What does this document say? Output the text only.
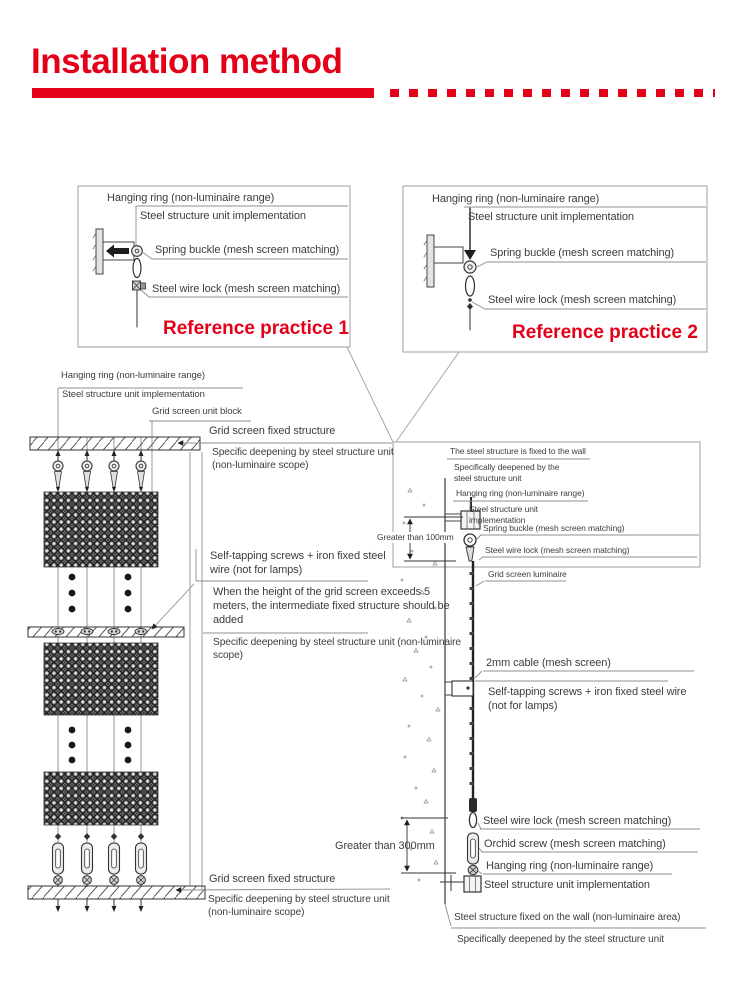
Installation method
Hanging ring (non-luminaire range)
Steel structure unit implementation
Spring buckle (mesh screen matching)
Steel wire lock (mesh screen matching)
Reference practice 1
Hanging ring (non-luminaire range)
Steel structure unit implementation
Spring buckle (mesh screen matching)
Steel wire lock (mesh screen matching)
Reference practice 2
Hanging ring (non-luminaire range)
Steel structure unit implementation
Grid screen unit block
Grid screen fixed structure
Specific deepening by steel structure unit (non-luminaire scope)
Self-tapping screws + iron fixed steel wire (not for lamps)
When the height of the grid screen exceeds 5 meters, the intermediate fixed structure should be added
Specific deepening by steel structure unit (non-luminaire scope)
Grid screen fixed structure
Specific deepening by steel structure unit (non-luminaire scope)
The steel structure is fixed to the wall
Specifically deepened by the steel structure unit
Hanging ring (non-luminaire range)
Steel structure unit implementation
Spring buckle (mesh screen matching)
Steel wire lock (mesh screen matching)
Greater than 100mm
Grid screen luminaire
2mm cable (mesh screen)
Self-tapping screws + iron fixed steel wire (not for lamps)
Steel wire lock (mesh screen matching)
Greater than 300mm	Orchid screw (mesh screen matching)
Hanging ring (non-luminaire range)
Steel structure unit implementation
Steel structure fixed on the wall (non-luminaire area)
Specifically deepened by the steel structure unit
